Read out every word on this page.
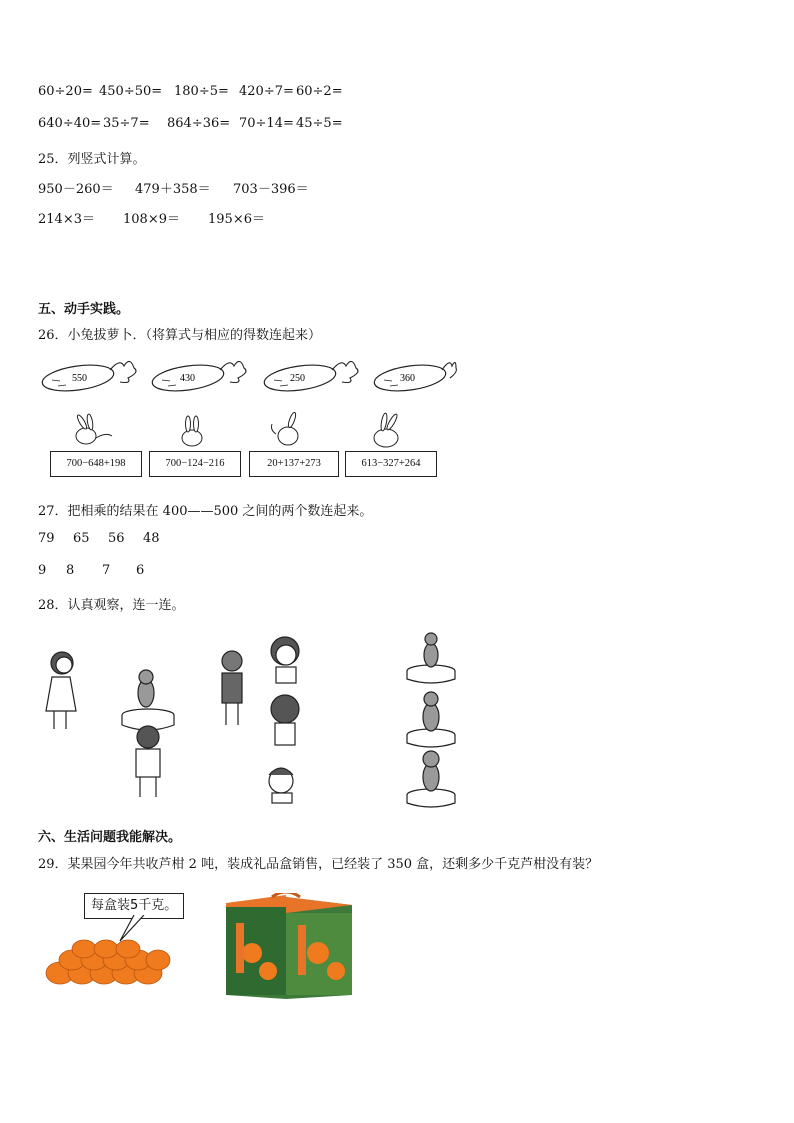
60÷20= 450÷50= 180÷5= 420÷7= 60÷2=
640÷40= 35÷7= 864÷36= 70÷14= 45÷5=
25．列竖式计算。
950－260＝ 479＋358＝ 703－396＝
214×3＝ 108×9＝ 195×6＝
五、动手实践。
26．小兔拔萝卜．（将算式与相应的得数连起来）
550	430	250	360
700−648+198	700−124−216	20+137+273	613−327+264
27．把相乘的结果在 400——500 之间的两个数连起来。
79 65 56 48
9 8 7 6
28．认真观察，连一连。
六、生活问题我能解决。
29．某果园今年共收芦柑 2 吨，装成礼品盒销售，已经装了 350 盒，还剩多少千克芦柑没有装？
每盒装5千克。
